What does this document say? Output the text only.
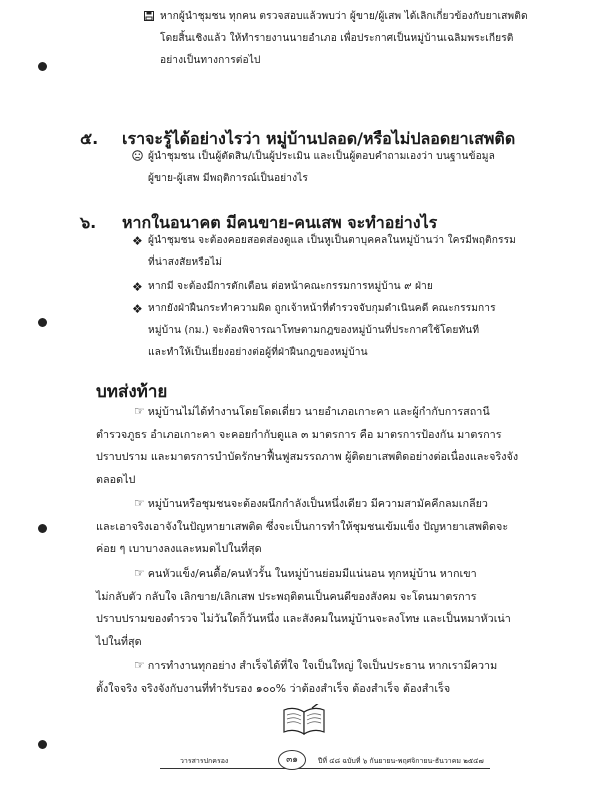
หากผู้นำชุมชน ทุกคน ตรวจสอบแล้วพบว่า ผู้ขาย/ผู้เสพ ได้เลิกเกี่ยวข้องกับยาเสพติด
โดยสิ้นเชิงแล้ว ให้ทำรายงานนายอำเภอ เพื่อประกาศเป็นหมู่บ้านเฉลิมพระเกียรติ
อย่างเป็นทางการต่อไป
๕. เราจะรู้ได้อย่างไรว่า หมู่บ้านปลอด/หรือไม่ปลอดยาเสพติด
ผู้นำชุมชน เป็นผู้ตัดสิน/เป็นผู้ประเมิน และเป็นผู้ตอบคำถามเองว่า บนฐานข้อมูล
ผู้ขาย-ผู้เสพ มีพฤติการณ์เป็นอย่างไร
๖. หากในอนาคต มีคนขาย-คนเสพ จะทำอย่างไร
❖ ผู้นำชุมชน จะต้องคอยสอดส่องดูแล เป็นหูเป็นตาบุคคลในหมู่บ้านว่า ใครมีพฤติกรรม
ที่น่าสงสัยหรือไม่
❖ หากมี จะต้องมีการตักเตือน ต่อหน้าคณะกรรมการหมู่บ้าน ๙ ฝ่าย
❖ หากยังฝ่าฝืนกระทำความผิด ถูกเจ้าหน้าที่ตำรวจจับกุมดำเนินคดี คณะกรรมการ
หมู่บ้าน (กม.) จะต้องพิจารณาโทษตามกฎของหมู่บ้านที่ประกาศใช้โดยทันที
และทำให้เป็นเยี่ยงอย่างต่อผู้ที่ฝ่าฝืนกฎของหมู่บ้าน
บทส่งท้าย
☞ หมู่บ้านไม่ได้ทำงานโดยโดดเดี่ยว นายอำเภอเกาะคา และผู้กำกับการสถานี
ตำรวจภูธร อำเภอเกาะคา จะคอยกำกับดูแล ๓ มาตรการ คือ มาตรการป้องกัน มาตรการ
ปราบปราม และมาตรการบำบัดรักษาฟื้นฟูสมรรถภาพ ผู้ติดยาเสพติดอย่างต่อเนื่องและจริงจัง
ตลอดไป
☞ หมู่บ้านหรือชุมชนจะต้องผนึกกำลังเป็นหนึ่งเดียว มีความสามัคคีกลมเกลียว
และเอาจริงเอาจังในปัญหายาเสพติด ซึ่งจะเป็นการทำให้ชุมชนเข้มแข็ง ปัญหายาเสพติดจะ
ค่อย ๆ เบาบางลงและหมดไปในที่สุด
☞ คนหัวแข็ง/คนดื้อ/คนหัวรั้น ในหมู่บ้านย่อมมีแน่นอน ทุกหมู่บ้าน หากเขา
ไม่กลับตัว กลับใจ เลิกขาย/เลิกเสพ ประพฤติตนเป็นคนดีของสังคม จะโดนมาตรการ
ปราบปรามของตำรวจ ไม่วันใดก็วันหนึ่ง และสังคมในหมู่บ้านจะลงโทษ และเป็นหมาหัวเน่า
ไปในที่สุด
☞ การทำงานทุกอย่าง สำเร็จได้ที่ใจ ใจเป็นใหญ่ ใจเป็นประธาน หากเรามีความ
ตั้งใจจริง จริงจังกับงานที่ทำรับรอง ๑๐๐% ว่าต้องสำเร็จ ต้องสำเร็จ ต้องสำเร็จ
วารสารปกครอง	๓๑	ปีที่ ๔๘ ฉบับที่ ๖ กันยายน-พฤศจิกายน-ธันวาคม ๒๕๔๗
